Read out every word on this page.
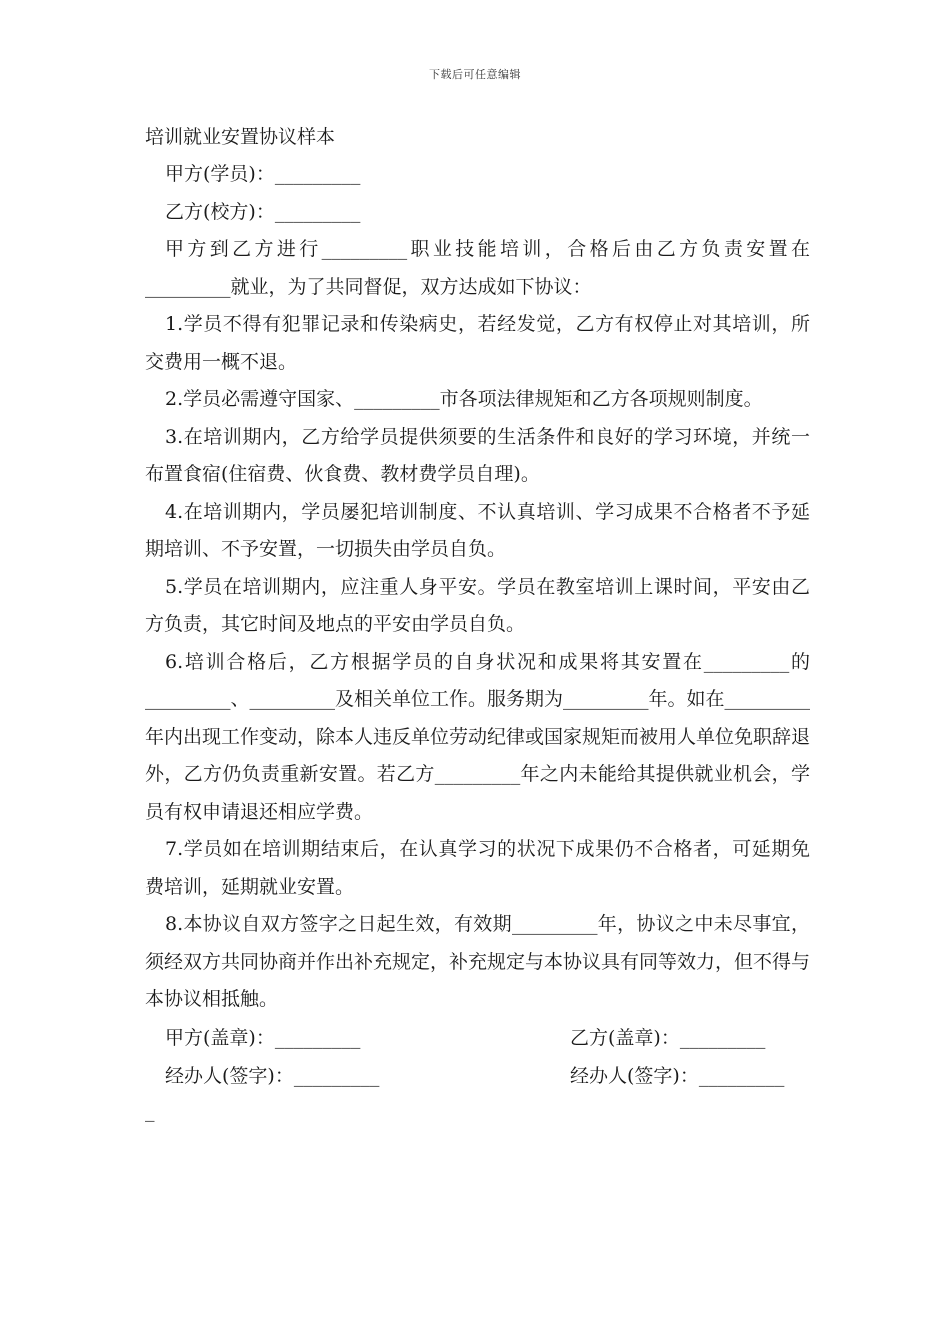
下载后可任意编辑
培训就业安置协议样本
甲方(学员)：_________
乙方(校方)：_________
甲方到乙方进行_________职业技能培训，合格后由乙方负责安置在_________就业，为了共同督促，双方达成如下协议：
1.学员不得有犯罪记录和传染病史，若经发觉，乙方有权停止对其培训，所交费用一概不退。
2.学员必需遵守国家、_________市各项法律规矩和乙方各项规则制度。
3.在培训期内，乙方给学员提供须要的生活条件和良好的学习环境，并统一布置食宿(住宿费、伙食费、教材费学员自理)。
4.在培训期内，学员屡犯培训制度、不认真培训、学习成果不合格者不予延期培训、不予安置，一切损失由学员自负。
5.学员在培训期内，应注重人身平安。学员在教室培训上课时间，平安由乙方负责，其它时间及地点的平安由学员自负。
6.培训合格后，乙方根据学员的自身状况和成果将其安置在_________的_________、_________及相关单位工作。服务期为_________年。如在_________年内出现工作变动，除本人违反单位劳动纪律或国家规矩而被用人单位免职辞退外，乙方仍负责重新安置。若乙方_________年之内未能给其提供就业机会，学员有权申请退还相应学费。
7.学员如在培训期结束后，在认真学习的状况下成果仍不合格者，可延期免费培训，延期就业安置。
8.本协议自双方签字之日起生效，有效期_________年，协议之中未尽事宜，须经双方共同协商并作出补充规定，补充规定与本协议具有同等效力，但不得与本协议相抵触。
甲方(盖章)：_________	乙方(盖章)：_________
经办人(签字)：_________	经办人(签字)：_________
_
